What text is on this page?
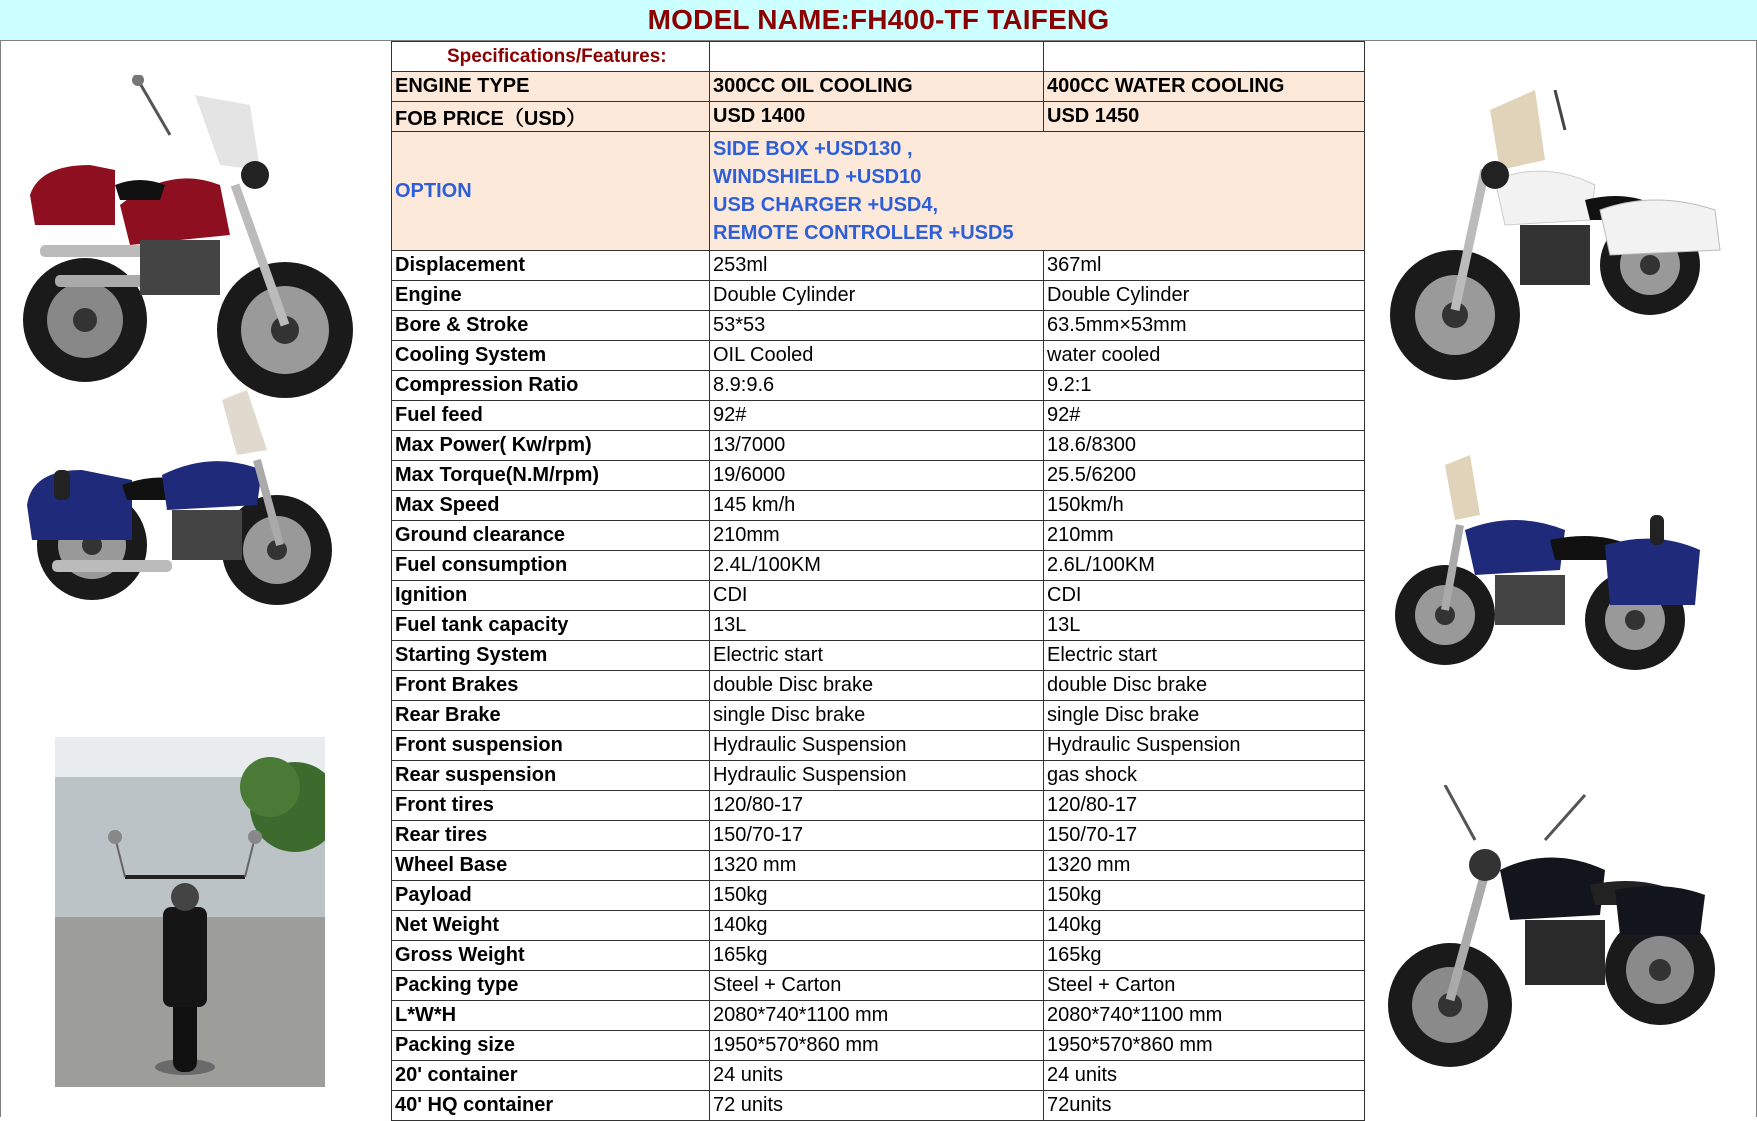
MODEL NAME:FH400-TF TAIFENG
Specifications/Features:		
ENGINE TYPE	300CC OIL COOLING	400CC WATER COOLING
FOB PRICE（USD）	USD 1400	USD 1450
OPTION	SIDE BOX +USD130 ,
WINDSHIELD +USD10
USB CHARGER +USD4,
REMOTE CONTROLLER +USD5	

Displacement	253ml	367ml
Engine	Double Cylinder	Double Cylinder
Bore & Stroke	53*53	63.5mm×53mm
Cooling System	OIL Cooled	water cooled
Compression Ratio	8.9:9.6	9.2:1
Fuel feed	92#	92#
Max Power( Kw/rpm)	13/7000	18.6/8300
Max Torque(N.M/rpm)	19/6000	25.5/6200
Max Speed	145 km/h	150km/h
Ground clearance	210mm	210mm
Fuel consumption	2.4L/100KM	2.6L/100KM
Ignition	CDI	CDI
Fuel tank capacity	13L	13L
Starting System	Electric start	Electric start
Front Brakes	double Disc brake	double Disc brake
Rear Brake	single Disc brake	single Disc brake
Front suspension	Hydraulic Suspension	Hydraulic Suspension
Rear suspension	Hydraulic Suspension	gas shock
Front tires	120/80-17	120/80-17
Rear tires	150/70-17	150/70-17
Wheel Base	1320 mm	1320 mm
Payload	150kg	150kg
Net Weight	140kg	140kg
Gross Weight	165kg	165kg
Packing type	Steel + Carton	Steel + Carton
L*W*H	2080*740*1100 mm	2080*740*1100 mm
Packing size	1950*570*860 mm	1950*570*860 mm
20' container	24 units	24 units
40' HQ container	72 units	72units
